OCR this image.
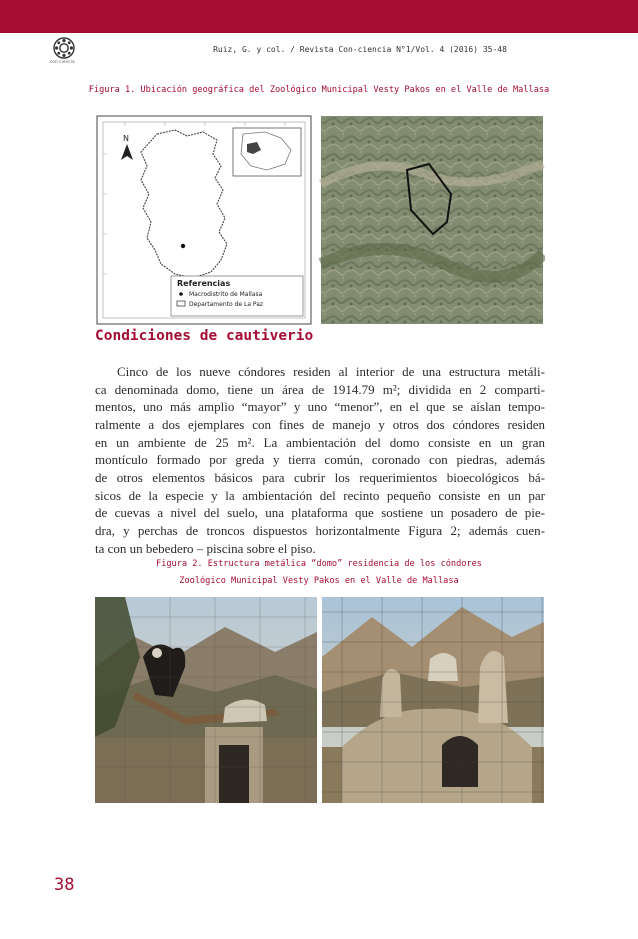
con·ciencia
Ruiz, G. y col. / Revista Con-ciencia N°1/Vol. 4 (2016) 35-48
Figura 1. Ubicación geográfica del Zoológico Municipal Vesty Pakos en el Valle de Mallasa
N
Referencias
Macrodistrito de Mallasa
Departamento de La Paz
Condiciones de cautiverio

Cinco de los nueve cóndores residen al interior de una estructura metáli-
ca denominada domo, tiene un área de 1914.79 m²; dividida en 2 comparti-
mentos, uno más amplio “mayor” y uno “menor”, en el que se aíslan tempo-
ralmente a dos ejemplares con fines de manejo y otros dos cóndores residen
en un ambiente de 25 m². La ambientación del domo consiste en un gran
montículo formado por greda y tierra común, coronado con piedras, además
de otros elementos básicos para cubrir los requerimientos bioecológicos bá-
sicos de la especie y la ambientación del recinto pequeño consiste en un par
de cuevas a nivel del suelo, una plataforma que sostiene un posadero de pie-
dra, y perchas de troncos dispuestos horizontalmente Figura 2; además cuen-
ta con un bebedero – piscina sobre el piso.

Figura 2. Estructura metálica “domo” residencia de los cóndores
Zoológico Municipal Vesty Pakos en el Valle de Mallasa
38
